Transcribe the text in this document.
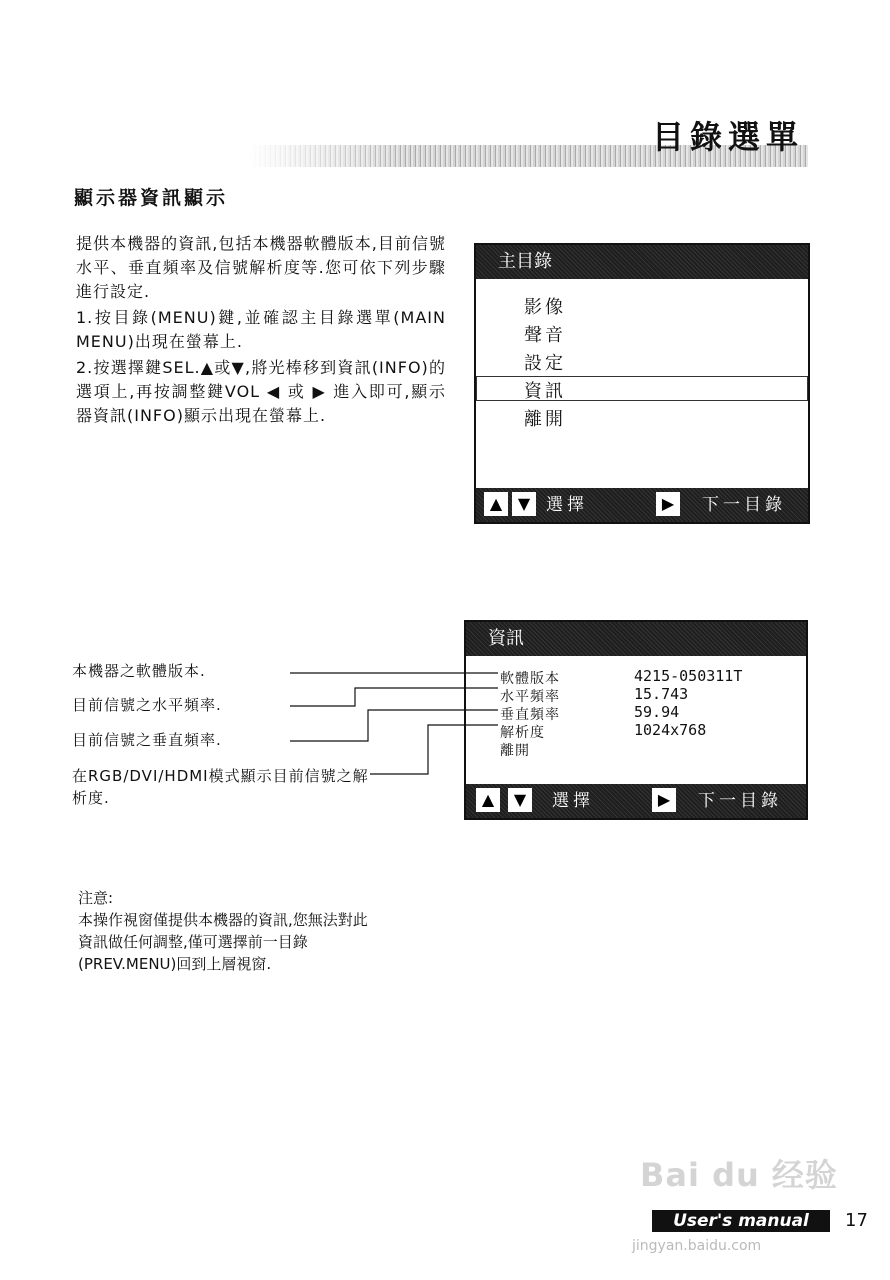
目錄選單
顯示器資訊顯示
提供本機器的資訊,包括本機器軟體版本,目前信號水平、垂直頻率及信號解析度等.您可依下列步驟進行設定.
1.按目錄(MENU)鍵,並確認主目錄選單(MAIN MENU)出現在螢幕上.
2.按選擇鍵SEL.▲或▼,將光棒移到資訊(INFO)的選項上,再按調整鍵VOL ◀ 或 ▶ 進入即可,顯示器資訊(INFO)顯示出現在螢幕上.
主目錄
影像
聲音
設定
資訊
離開
▲ ▼ 選擇	▶	下一目錄
資訊
軟體版本	4215-050311T
水平頻率	15.743
垂直頻率	59.94
解析度	1024x768
離開
▲	▼	選擇	▶	下一目錄
本機器之軟體版本.
目前信號之水平頻率.
目前信號之垂直頻率.
在RGB/DVI/HDMI模式顯示目前信號之解析度.
注意:
本操作視窗僅提供本機器的資訊,您無法對此資訊做任何調整,僅可選擇前一目錄(PREV.MENU)回到上層視窗.
Bai du 经验
User's manual	17
jingyan.baidu.com
